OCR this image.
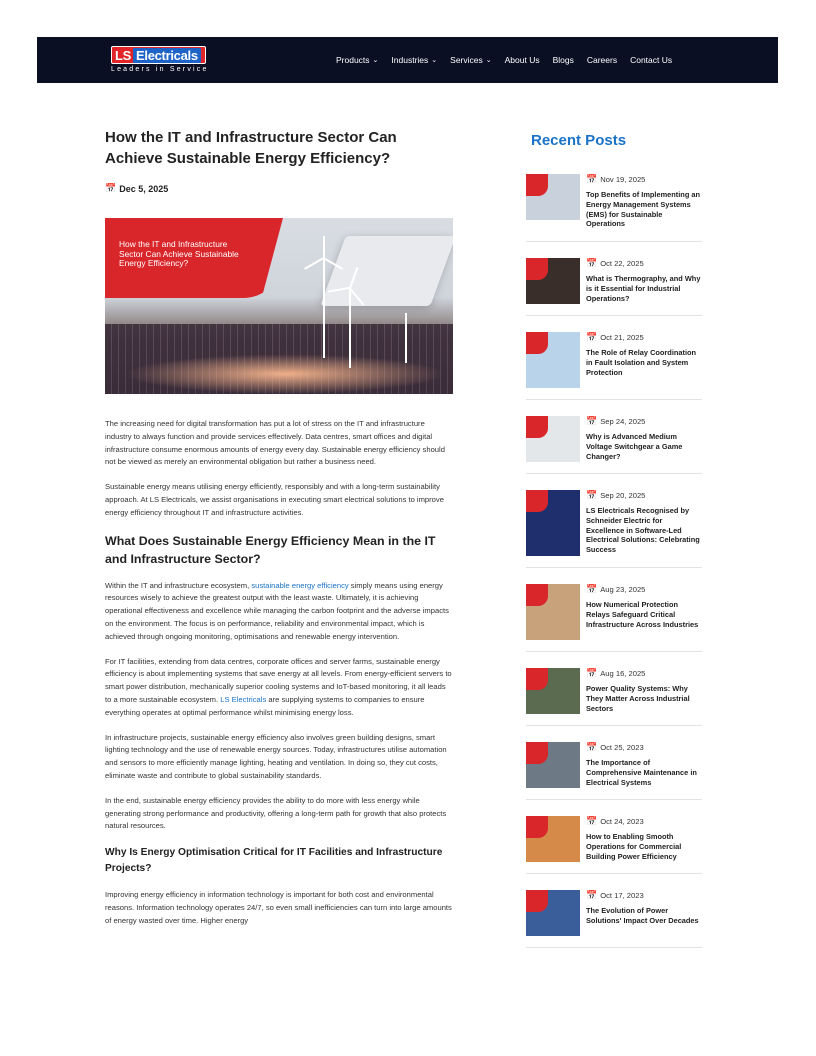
LS Electricals
Leaders in Service
Products ⌄ Industries ⌄ Services ⌄ About Us Blogs Careers Contact Us
How the IT and Infrastructure Sector Can Achieve Sustainable Energy Efficiency?
📅 Dec 5, 2025
How the IT and Infrastructure Sector Can Achieve Sustainable Energy Efficiency?

The increasing need for digital transformation has put a lot of stress on the IT and infrastructure industry to always function and provide services effectively. Data centres, smart offices and digital infrastructure consume enormous amounts of energy every day. Sustainable energy efficiency should not be viewed as merely an environmental obligation but rather a business need.

Sustainable energy means utilising energy efficiently, responsibly and with a long-term sustainability approach. At LS Electricals, we assist organisations in executing smart electrical solutions to improve energy efficiency throughout IT and infrastructure activities.

What Does Sustainable Energy Efficiency Mean in the IT and Infrastructure Sector?

Within the IT and infrastructure ecosystem, sustainable energy efficiency simply means using energy resources wisely to achieve the greatest output with the least waste. Ultimately, it is achieving operational effectiveness and excellence while managing the carbon footprint and the adverse impacts on the environment. The focus is on performance, reliability and environmental impact, which is achieved through ongoing monitoring, optimisations and renewable energy intervention.

For IT facilities, extending from data centres, corporate offices and server farms, sustainable energy efficiency is about implementing systems that save energy at all levels. From energy-efficient servers to smart power distribution, mechanically superior cooling systems and IoT-based monitoring, it all leads to a more sustainable ecosystem. LS Electricals are supplying systems to companies to ensure everything operates at optimal performance whilst minimising energy loss.

In infrastructure projects, sustainable energy efficiency also involves green building designs, smart lighting technology and the use of renewable energy sources. Today, infrastructures utilise automation and sensors to more efficiently manage lighting, heating and ventilation. In doing so, they cut costs, eliminate waste and contribute to global sustainability standards.

In the end, sustainable energy efficiency provides the ability to do more with less energy while generating strong performance and productivity, offering a long-term path for growth that also protects natural resources.

Why Is Energy Optimisation Critical for IT Facilities and Infrastructure Projects?

Improving energy efficiency in information technology is important for both cost and environmental reasons. Information technology operates 24/7, so even small inefficiencies can turn into large amounts of energy wasted over time. Higher energy

Recent Posts
📅 Nov 19, 2025
Top Benefits of Implementing an Energy Management Systems (EMS) for Sustainable Operations
📅 Oct 22, 2025
What is Thermography, and Why is it Essential for Industrial Operations?
📅 Oct 21, 2025
The Role of Relay Coordination in Fault Isolation and System Protection
📅 Sep 24, 2025
Why is Advanced Medium Voltage Switchgear a Game Changer?
📅 Sep 20, 2025
LS Electricals Recognised by Schneider Electric for Excellence in Software-Led Electrical Solutions: Celebrating Success
📅 Aug 23, 2025
How Numerical Protection Relays Safeguard Critical Infrastructure Across Industries
📅 Aug 16, 2025
Power Quality Systems: Why They Matter Across Industrial Sectors
📅 Oct 25, 2023
The Importance of Comprehensive Maintenance in Electrical Systems
📅 Oct 24, 2023
How to Enabling Smooth Operations for Commercial Building Power Efficiency
📅 Oct 17, 2023
The Evolution of Power Solutions' Impact Over Decades
